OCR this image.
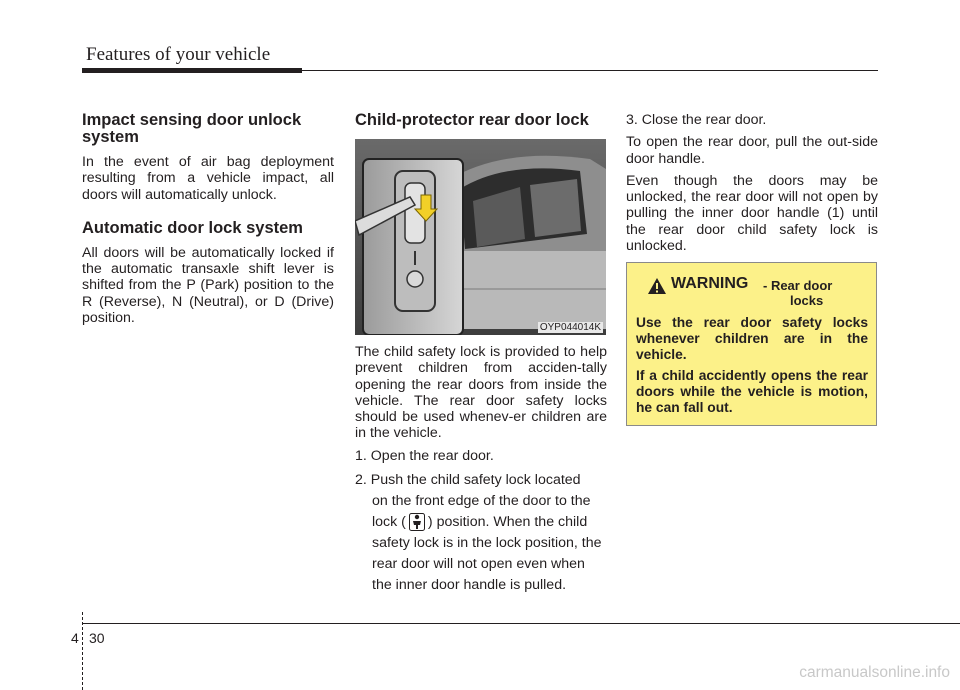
Features of your vehicle
Impact sensing door unlock system

In the event of air bag deployment resulting from a vehicle impact, all doors will automatically unlock.

Automatic door lock system

All doors will be automatically locked if the automatic transaxle shift lever is shifted from the P (Park) position to the R (Reverse), N (Neutral), or D (Drive) position.

Child-protector rear door lock
OYP044014K

The child safety lock is provided to help prevent children from acciden-tally opening the rear doors from inside the vehicle. The rear door safety locks should be used whenev-er children are in the vehicle.

1. Open the rear door.

2. Push the child safety lock located
on the front edge of the door to the
lock ( ) position. When the child
safety lock is in the lock position, the
rear door will not open even when
the inner door handle is pulled.

3. Close the rear door.

To open the rear door, pull the out-side door handle.

Even though the doors may be unlocked, the rear door will not open by pulling the inner door handle (1) until the rear door child safety lock is unlocked.

WARNING - Rear door
locks
Use the rear door safety locks whenever children are in the vehicle.
If a child accidently opens the rear doors while the vehicle is motion, he can fall out.
4 30
carmanualsonline.info
